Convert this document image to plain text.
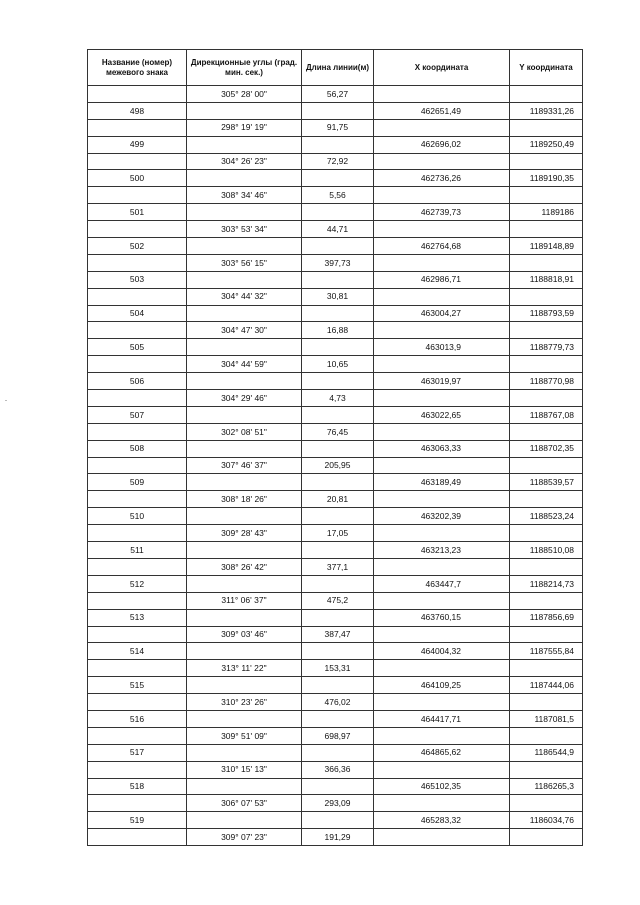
Название (номер) межевого знака	Дирекционные углы (град. мин. сек.)	Длина линии(м)	X координата	Y координата
	305° 28' 00"	56,27		
498			462651,49	1189331,26
	298° 19' 19"	91,75		
499			462696,02	1189250,49
	304° 26' 23"	72,92		
500			462736,26	1189190,35
	308° 34' 46"	5,56		
501			462739,73	1189186
	303° 53' 34"	44,71		
502			462764,68	1189148,89
	303° 56' 15"	397,73		
503			462986,71	1188818,91
	304° 44' 32"	30,81		
504			463004,27	1188793,59
	304° 47' 30"	16,88		
505			463013,9	1188779,73
	304° 44' 59"	10,65		
506			463019,97	1188770,98
	304° 29' 46"	4,73		
507			463022,65	1188767,08
	302° 08' 51"	76,45		
508			463063,33	1188702,35
	307° 46' 37"	205,95		
509			463189,49	1188539,57
	308° 18' 26"	20,81		
510			463202,39	1188523,24
	309° 28' 43"	17,05		
511			463213,23	1188510,08
	308° 26' 42"	377,1		
512			463447,7	1188214,73
	311° 06' 37"	475,2		
513			463760,15	1187856,69
	309° 03' 46"	387,47		
514			464004,32	1187555,84
	313° 11' 22"	153,31		
515			464109,25	1187444,06
	310° 23' 26"	476,02		
516			464417,71	1187081,5
	309° 51' 09"	698,97		
517			464865,62	1186544,9
	310° 15' 13"	366,36		
518			465102,35	1186265,3
	306° 07' 53"	293,09		
519			465283,32	1186034,76
	309° 07' 23"	191,29		
